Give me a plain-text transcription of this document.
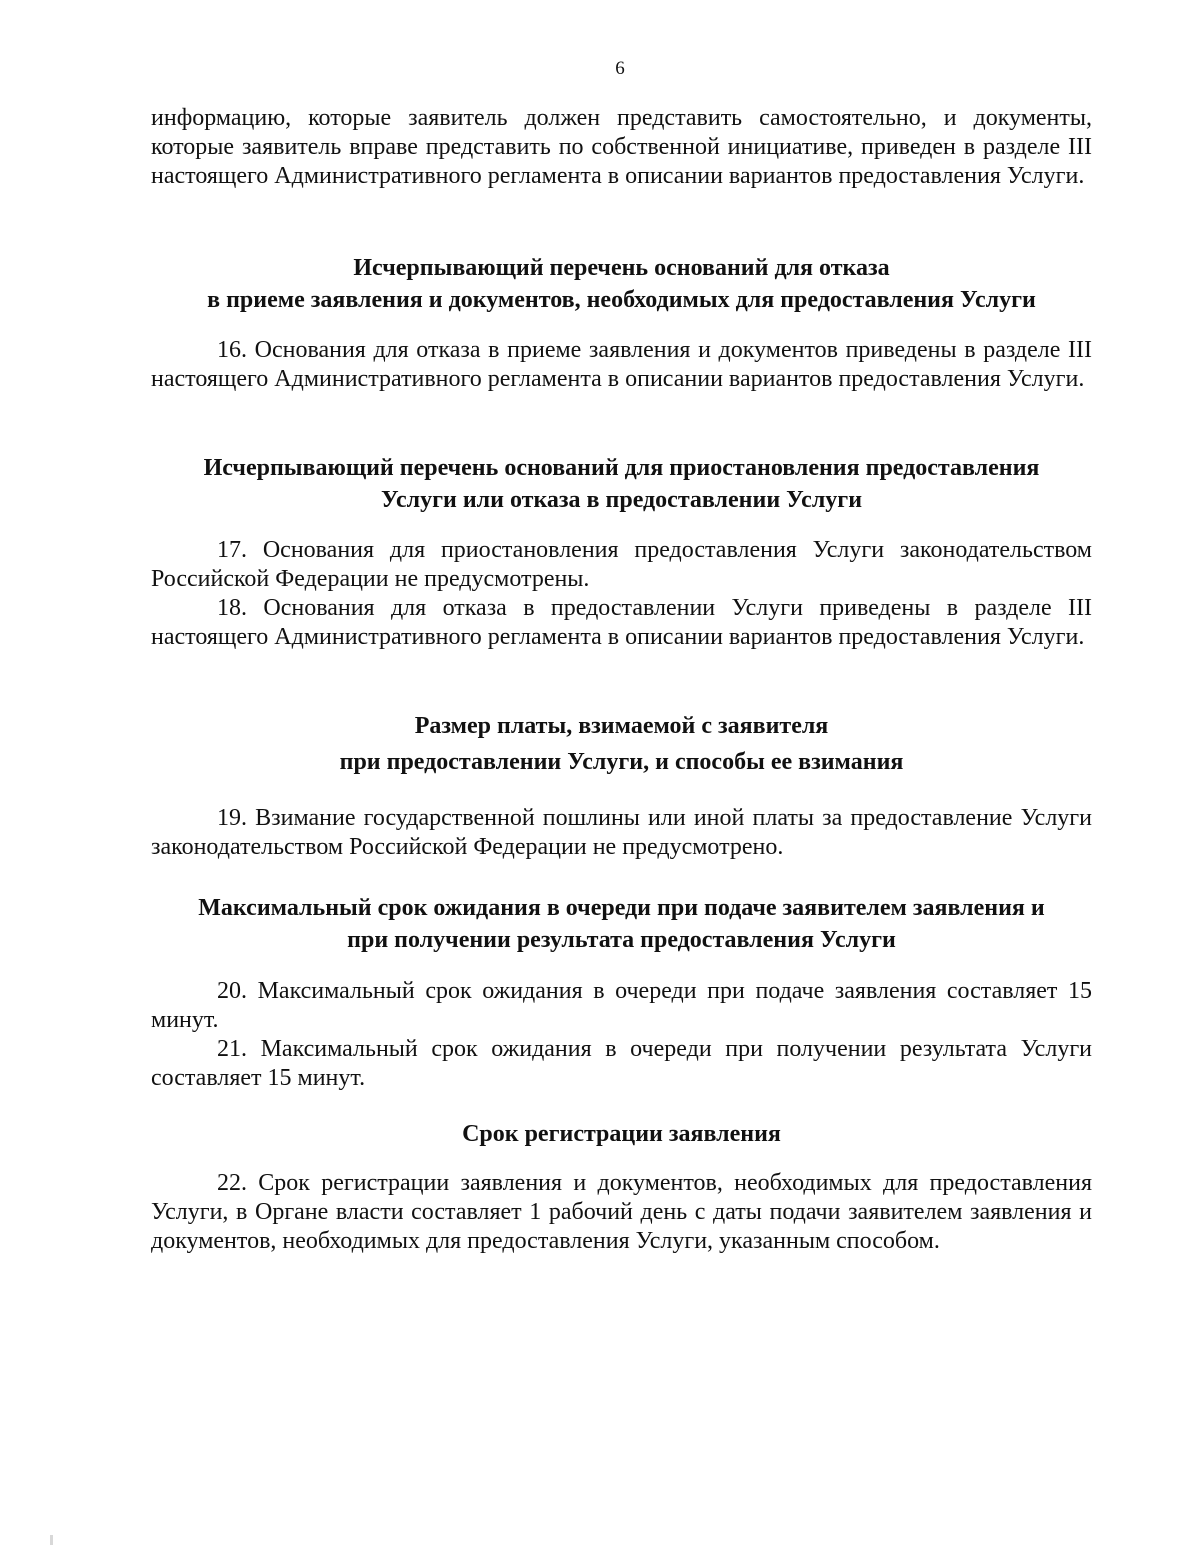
6

информацию, которые заявитель должен представить самостоятельно, и документы, которые заявитель вправе представить по собственной инициативе, приведен в разделе III настоящего Административного регламента в описании вариантов предоставления Услуги.

Исчерпывающий перечень оснований для отказа
в приеме заявления и документов, необходимых для предоставления Услуги

16. Основания для отказа в приеме заявления и документов приведены в разделе III настоящего Административного регламента в описании вариантов предоставления Услуги.

Исчерпывающий перечень оснований для приостановления предоставления
Услуги или отказа в предоставлении Услуги

17. Основания для приостановления предоставления Услуги законодательством Российской Федерации не предусмотрены.

18. Основания для отказа в предоставлении Услуги приведены в разделе III настоящего Административного регламента в описании вариантов предоставления Услуги.

Размер платы, взимаемой с заявителя
при предоставлении Услуги, и способы ее взимания

19. Взимание государственной пошлины или иной платы за предоставление Услуги законодательством Российской Федерации не предусмотрено.

Максимальный срок ожидания в очереди при подаче заявителем заявления и
при получении результата предоставления Услуги

20. Максимальный срок ожидания в очереди при подаче заявления составляет 15 минут.

21. Максимальный срок ожидания в очереди при получении результата Услуги составляет 15 минут.

Срок регистрации заявления

22. Срок регистрации заявления и документов, необходимых для предоставления Услуги, в Органе власти составляет 1 рабочий день с даты подачи заявителем заявления и документов, необходимых для предоставления Услуги, указанным способом.
